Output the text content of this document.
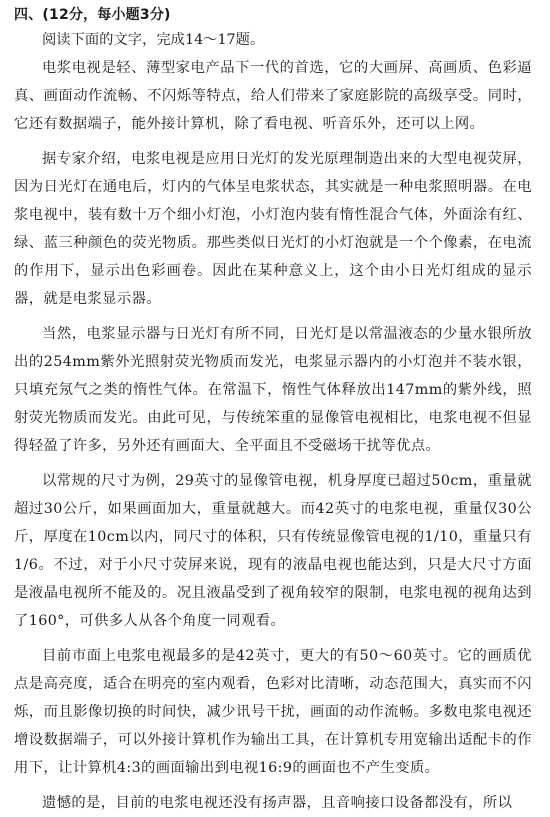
四、(12分，每小题3分)
阅读下面的文字，完成14～17题。

电浆电视是轻、薄型家电产品下一代的首选，它的大画屏、高画质、色彩逼真、画面动作流畅、不闪烁等特点，给人们带来了家庭影院的高级享受。同时，它还有数据端子，能外接计算机，除了看电视、听音乐外，还可以上网。

据专家介绍，电浆电视是应用日光灯的发光原理制造出来的大型电视荧屏，因为日光灯在通电后，灯内的气体呈电浆状态，其实就是一种电浆照明器。在电浆电视中，装有数十万个细小灯泡，小灯泡内装有惰性混合气体，外面涂有红、绿、蓝三种颜色的荧光物质。那些类似日光灯的小灯泡就是一个个像素，在电流的作用下，显示出色彩画卷。因此在某种意义上，这个由小日光灯组成的显示器，就是电浆显示器。

当然，电浆显示器与日光灯有所不同，日光灯是以常温液态的少量水银所放出的254mm紫外光照射荧光物质而发光，电浆显示器内的小灯泡并不装水银，只填充氖气之类的惰性气体。在常温下，惰性气体释放出147mm的紫外线，照射荧光物质而发光。由此可见，与传统笨重的显像管电视相比，电浆电视不但显得轻盈了许多，另外还有画面大、全平面且不受磁场干扰等优点。

以常规的尺寸为例，29英寸的显像管电视，机身厚度已超过50cm，重量就超过30公斤，如果画面加大，重量就越大。而42英寸的电浆电视，重量仅30公斤，厚度在10cm以内，同尺寸的体积，只有传统显像管电视的1/10，重量只有1/6。不过，对于小尺寸荧屏来说，现有的液晶电视也能达到，只是大尺寸方面是液晶电视所不能及的。况且液晶受到了视角较窄的限制，电浆电视的视角达到了160°，可供多人从各个角度一同观看。

目前市面上电浆电视最多的是42英寸，更大的有50～60英寸。它的画质优点是高亮度，适合在明亮的室内观看，色彩对比清晰，动态范围大，真实而不闪烁，而且影像切换的时间快，减少讯号干扰，画面的动作流畅。多数电浆电视还增设数据端子，可以外接计算机作为输出工具，在计算机专用宽输出适配卡的作用下，让计算机4:3的画面输出到电视16:9的画面也不产生变质。

遗憾的是，目前的电浆电视还没有扬声器，且音响接口设备都没有，所以
